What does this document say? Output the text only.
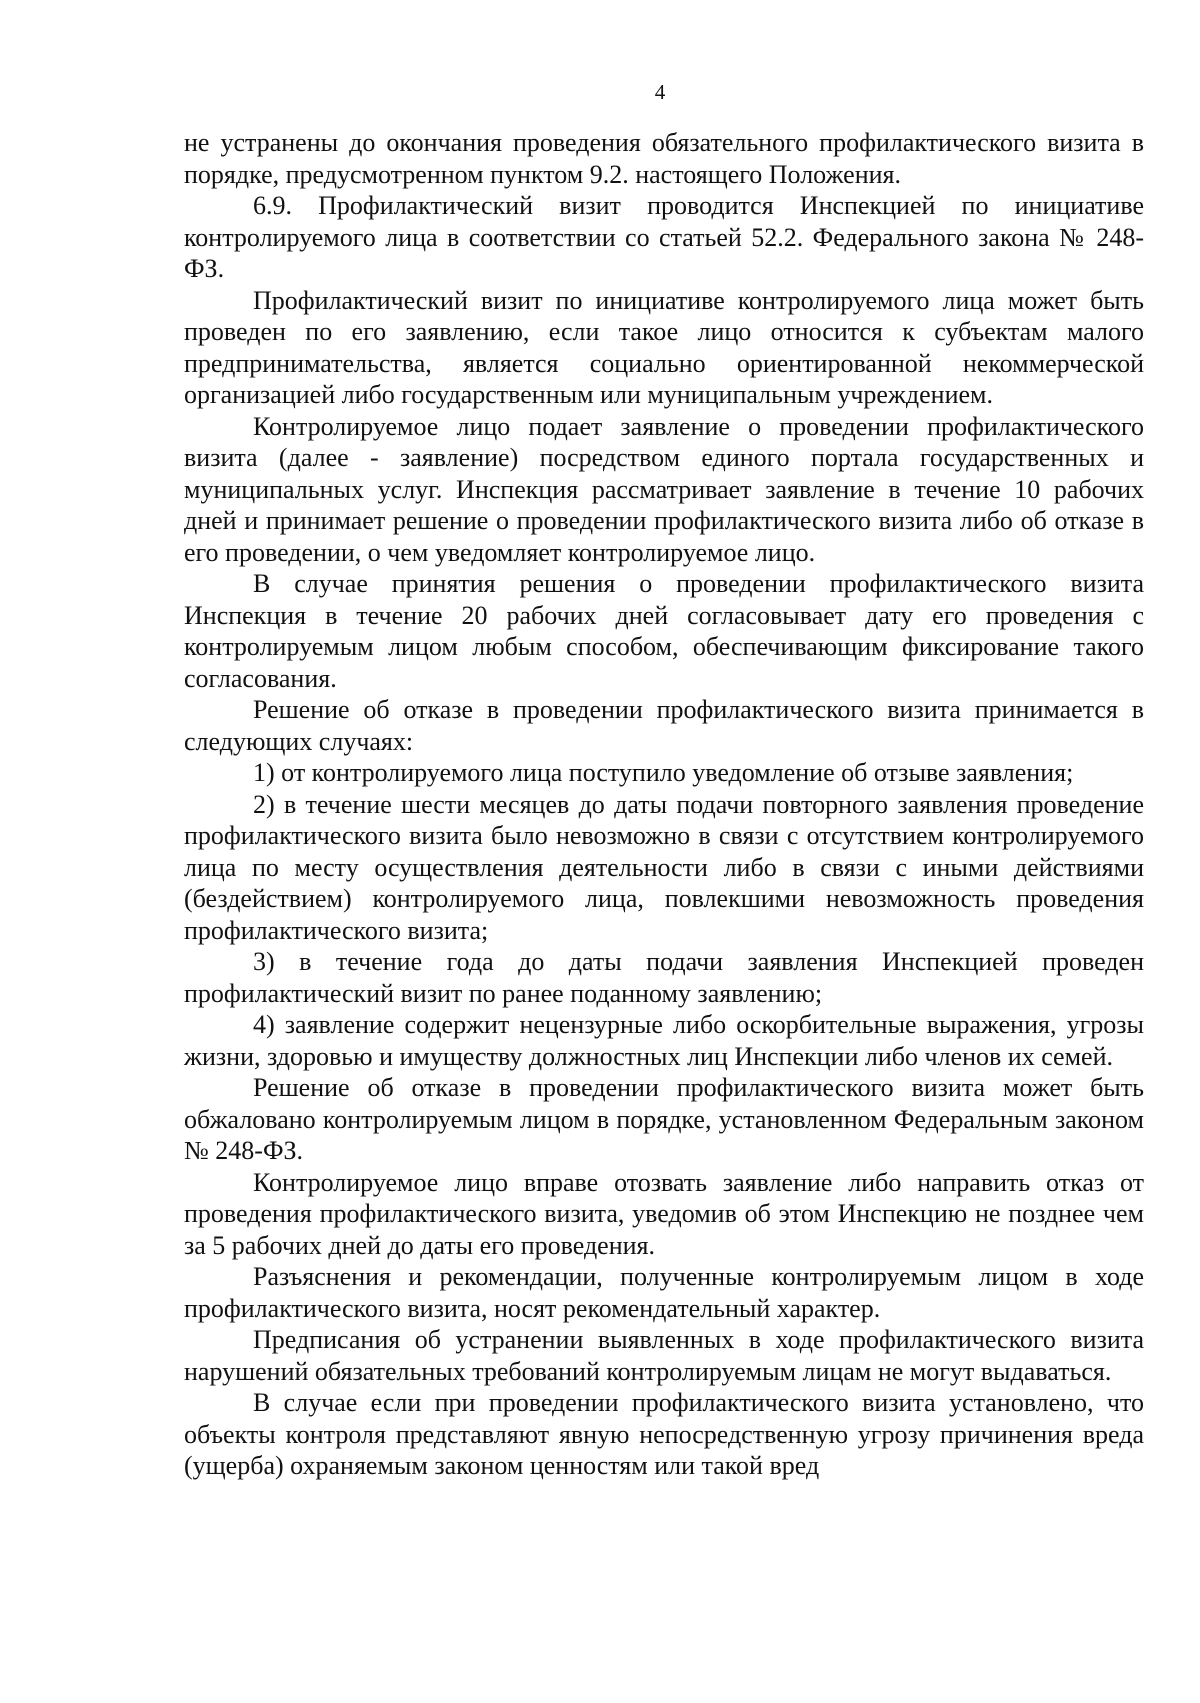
4

не устранены до окончания проведения обязательного профилактического визита в порядке, предусмотренном пунктом 9.2. настоящего Положения.

6.9. Профилактический визит проводится Инспекцией по инициативе контролируемого лица в соответствии со статьей 52.2. Федерального закона № 248-ФЗ.

Профилактический визит по инициативе контролируемого лица может быть проведен по его заявлению, если такое лицо относится к субъектам малого предпринимательства, является социально ориентированной некоммерческой организацией либо государственным или муниципальным учреждением.

Контролируемое лицо подает заявление о проведении профилактического визита (далее - заявление) посредством единого портала государственных и муниципальных услуг. Инспекция рассматривает заявление в течение 10 рабочих дней и принимает решение о проведении профилактического визита либо об отказе в его проведении, о чем уведомляет контролируемое лицо.

В случае принятия решения о проведении профилактического визита Инспекция в течение 20 рабочих дней согласовывает дату его проведения с контролируемым лицом любым способом, обеспечивающим фиксирование такого согласования.

Решение об отказе в проведении профилактического визита принимается в следующих случаях:

1) от контролируемого лица поступило уведомление об отзыве заявления;

2) в течение шести месяцев до даты подачи повторного заявления проведение профилактического визита было невозможно в связи с отсутствием контролируемого лица по месту осуществления деятельности либо в связи с иными действиями (бездействием) контролируемого лица, повлекшими невозможность проведения профилактического визита;

3) в течение года до даты подачи заявления Инспекцией проведен профилактический визит по ранее поданному заявлению;

4) заявление содержит нецензурные либо оскорбительные выражения, угрозы жизни, здоровью и имуществу должностных лиц Инспекции либо членов их семей.

Решение об отказе в проведении профилактического визита может быть обжаловано контролируемым лицом в порядке, установленном Федеральным законом № 248-ФЗ.

Контролируемое лицо вправе отозвать заявление либо направить отказ от проведения профилактического визита, уведомив об этом Инспекцию не позднее чем за 5 рабочих дней до даты его проведения.

Разъяснения и рекомендации, полученные контролируемым лицом в ходе профилактического визита, носят рекомендательный характер.

Предписания об устранении выявленных в ходе профилактического визита нарушений обязательных требований контролируемым лицам не могут выдаваться.

В случае если при проведении профилактического визита установлено, что объекты контроля представляют явную непосредственную угрозу причинения вреда (ущерба) охраняемым законом ценностям или такой вред
